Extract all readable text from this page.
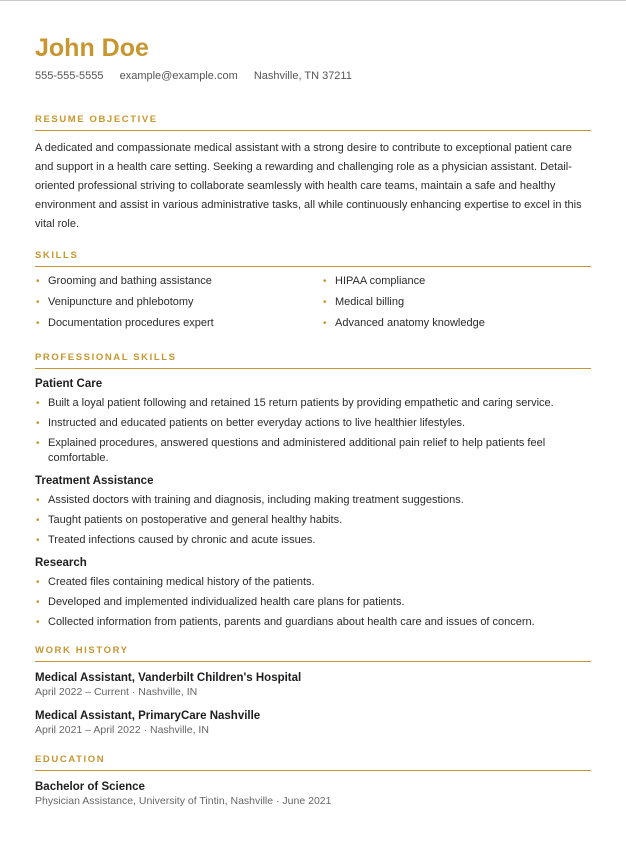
John Doe
555-555-5555 example@example.com Nashville, TN 37211
RESUME OBJECTIVE

A dedicated and compassionate medical assistant with a strong desire to contribute to exceptional patient care and support in a health care setting. Seeking a rewarding and challenging role as a physician assistant. Detail-oriented professional striving to collaborate seamlessly with health care teams, maintain a safe and healthy environment and assist in various administrative tasks, all while continuously enhancing expertise to excel in this vital role.

SKILLS
• Grooming and bathing assistance
• Venipuncture and phlebotomy
• Documentation procedures expert
• HIPAA compliance
• Medical billing
• Advanced anatomy knowledge
PROFESSIONAL SKILLS
Patient Care
• Built a loyal patient following and retained 15 return patients by providing empathetic and caring service.
• Instructed and educated patients on better everyday actions to live healthier lifestyles.
• Explained procedures, answered questions and administered additional pain relief to help patients feel comfortable.
Treatment Assistance
• Assisted doctors with training and diagnosis, including making treatment suggestions.
• Taught patients on postoperative and general healthy habits.
• Treated infections caused by chronic and acute issues.
Research
• Created files containing medical history of the patients.
• Developed and implemented individualized health care plans for patients.
• Collected information from patients, parents and guardians about health care and issues of concern.
WORK HISTORY
Medical Assistant, Vanderbilt Children's Hospital
April 2022 – Current · Nashville, IN
Medical Assistant, PrimaryCare Nashville
April 2021 – April 2022 · Nashville, IN
EDUCATION
Bachelor of Science
Physician Assistance, University of Tintin, Nashville · June 2021
